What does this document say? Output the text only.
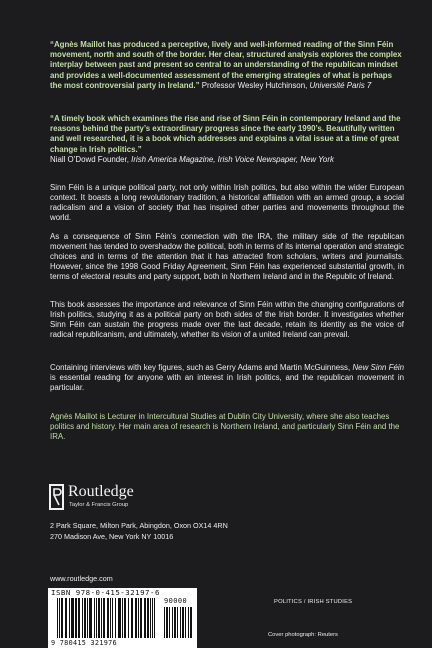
“Agnès Maillot has produced a perceptive, lively and well-informed reading of the Sinn Féin movement, north and south of the border. Her clear, structured analysis explores the complex interplay between past and present so central to an understanding of the republican mindset and provides a well-documented assessment of the emerging strategies of what is perhaps the most controversial party in Ireland.” Professor Wesley Hutchinson, Université Paris 7
“A timely book which examines the rise and rise of Sinn Féin in contemporary Ireland and the reasons behind the party’s extraordinary progress since the early 1990’s. Beautifully written and well researched, it is a book which addresses and explains a vital issue at a time of great change in Irish politics.”
Niall O’Dowd Founder, Irish America Magazine, Irish Voice Newspaper, New York
Sinn Féin is a unique political party, not only within Irish politics, but also within the wider European context. It boasts a long revolutionary tradition, a historical affiliation with an armed group, a social radicalism and a vision of society that has inspired other parties and movements throughout the world.
As a consequence of Sinn Féin’s connection with the IRA, the military side of the republican movement has tended to overshadow the political, both in terms of its internal operation and strategic choices and in terms of the attention that it has attracted from scholars, writers and journalists. However, since the 1998 Good Friday Agreement, Sinn Féin has experienced substantial growth, in terms of electoral results and party support, both in Northern Ireland and in the Republic of Ireland.
This book assesses the importance and relevance of Sinn Féin within the changing configurations of Irish politics, studying it as a political party on both sides of the Irish border. It investigates whether Sinn Féin can sustain the progress made over the last decade, retain its identity as the voice of radical republicanism, and ultimately, whether its vision of a united Ireland can prevail.
Containing interviews with key figures, such as Gerry Adams and Martin McGuinness, New Sinn Féin is essential reading for anyone with an interest in Irish politics, and the republican movement in particular.
Agnès Maillot is Lecturer in Intercultural Studies at Dublin City University, where she also teaches politics and history. Her main area of research is Northern Ireland, and particularly Sinn Féin and the IRA.
Routledge
Taylor & Francis Group
2 Park Square, Milton Park, Abingdon, Oxon OX14 4RN
270 Madison Ave, New York NY 10016
www.routledge.com
ISBN 978-0-415-32197-6
90000
9 780415 321976
POLITICS / IRISH STUDIES
Cover photograph: Reuters
